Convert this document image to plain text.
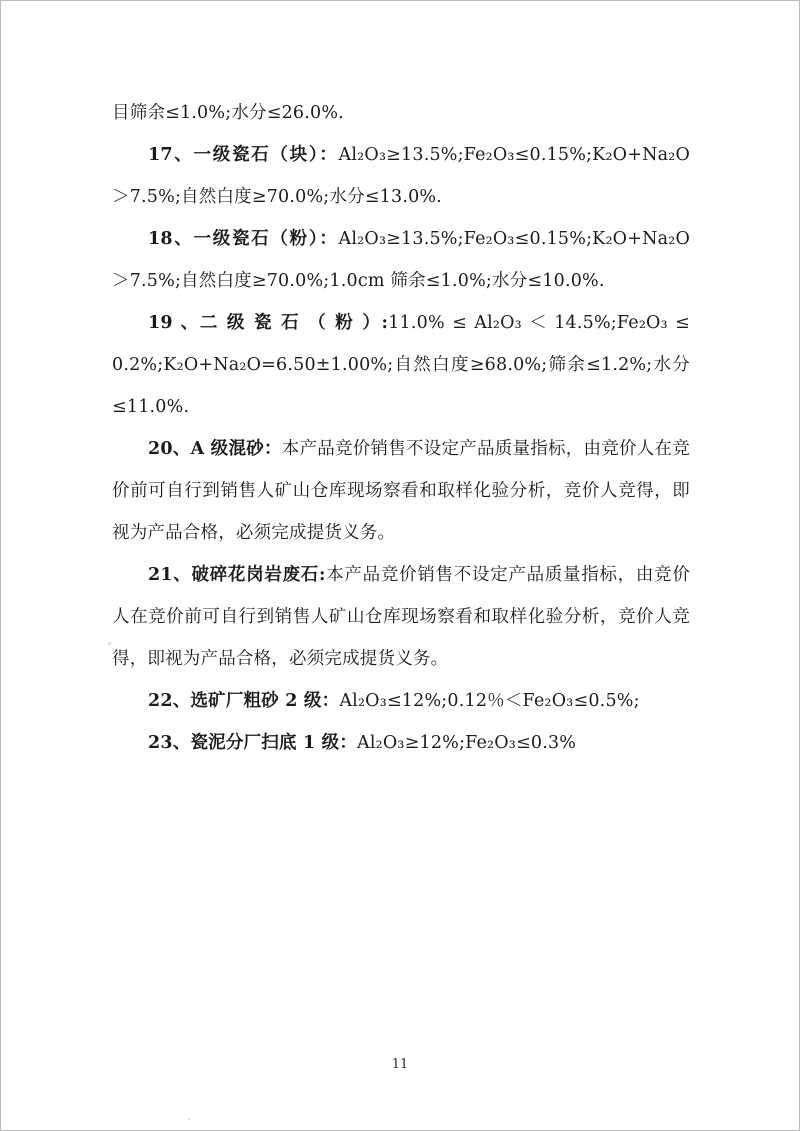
目筛余≤1.0%;水分≤26.0%.

17、一级瓷石（块）：Al₂O₃≥13.5%;Fe₂O₃≤0.15%;K₂O+Na₂O＞7.5%;自然白度≥70.0%;水分≤13.0%.

18、一级瓷石（粉）：Al₂O₃≥13.5%;Fe₂O₃≤0.15%;K₂O+Na₂O＞7.5%;自然白度≥70.0%;1.0cm 筛余≤1.0%;水分≤10.0%.

19 、二 级 瓷 石 （ 粉 ）:11.0% ≤ Al₂O₃ ＜ 14.5%;Fe₂O₃ ≤ 0.2%;K₂O+Na₂O=6.50±1.00%;自然白度≥68.0%;筛余≤1.2%;水分≤11.0%.

20、A 级混砂：本产品竞价销售不设定产品质量指标，由竞价人在竞价前可自行到销售人矿山仓库现场察看和取样化验分析，竞价人竞得，即视为产品合格，必须完成提货义务。

21、破碎花岗岩废石:本产品竞价销售不设定产品质量指标，由竞价人在竞价前可自行到销售人矿山仓库现场察看和取样化验分析，竞价人竞得，即视为产品合格，必须完成提货义务。

22、选矿厂粗砂 2 级：Al₂O₃≤12%;0.12％＜Fe₂O₃≤0.5%;

23、瓷泥分厂扫底 1 级：Al₂O₃≥12%;Fe₂O₃≤0.3%

11
